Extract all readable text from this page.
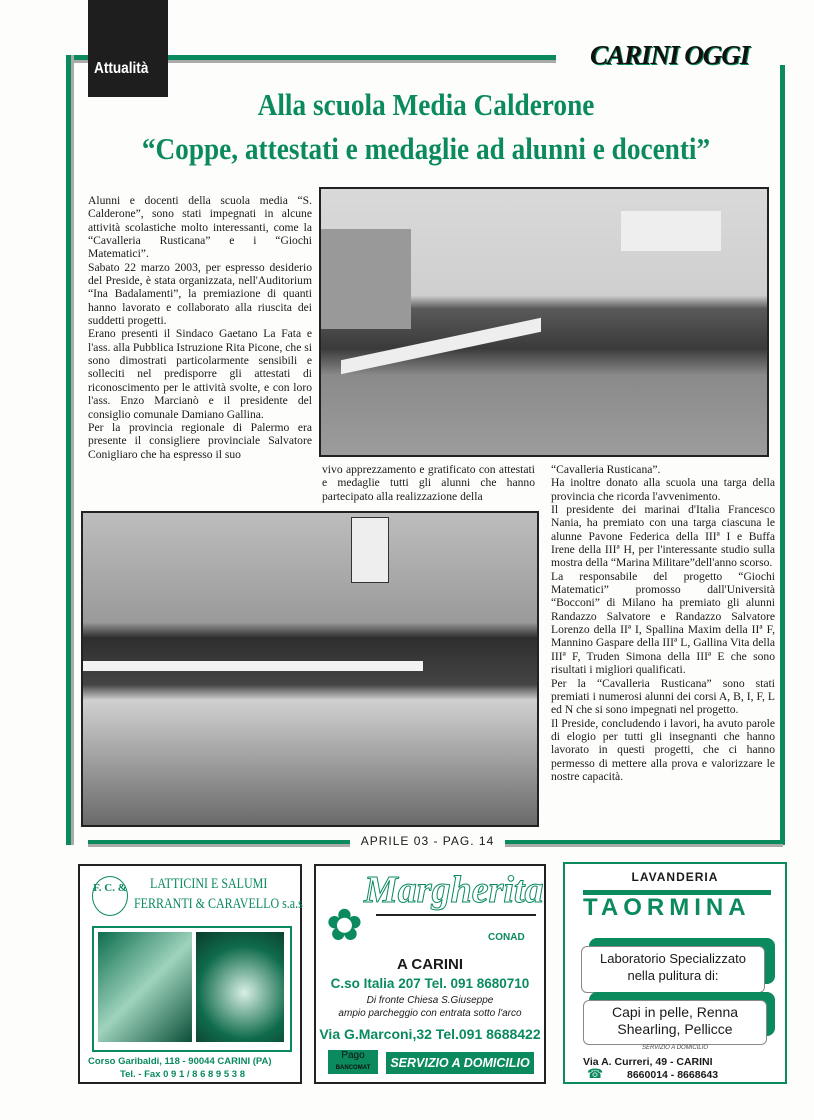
Attualità	CARINI OGGI
Alla scuola Media Calderone
“Coppe, attestati e medaglie ad alunni e docenti”

Alunni e docenti della scuola media “S. Calderone”, sono stati impegnati in alcune attività scolastiche molto interessanti, come la “Cavalleria Rusticana” e i “Giochi Matematici”.

Sabato 22 marzo 2003, per espresso desiderio del Preside, è stata organizzata, nell'Auditorium “Ina Badalamenti”, la premiazione di quanti hanno lavorato e collaborato alla riuscita dei suddetti progetti.

Erano presenti il Sindaco Gaetano La Fata e l'ass. alla Pubblica Istruzione Rita Picone, che si sono dimostrati particolarmente sensibili e solleciti nel predisporre gli attestati di riconoscimento per le attività svolte, e con loro l'ass. Enzo Marcianò e il presidente del consiglio comunale Damiano Gallina.

Per la provincia regionale di Palermo era presente il consigliere provinciale Salvatore Conigliaro che ha espresso il suo

vivo apprezzamento e gratificato con attestati e medaglie tutti gli alunni che hanno partecipato alla realizzazione della

“Cavalleria Rusticana”.

Ha inoltre donato alla scuola una targa della provincia che ricorda l'avvenimento.

Il presidente dei marinai d'Italia Francesco Nania, ha premiato con una targa ciascuna le alunne Pavone Federica della IIIª I e Buffa Irene della IIIª H, per l'interessante studio sulla mostra della “Marina Militare”dell'anno scorso.

La responsabile del progetto “Giochi Matematici” promosso dall'Università “Bocconi” di Milano ha premiato gli alunni Randazzo Salvatore e Randazzo Salvatore Lorenzo della IIª I, Spallina Maxim della IIª F, Mannino Gaspare della IIIª L, Gallina Vita della IIIª F, Truden Simona della IIIª E che sono risultati i migliori qualificati.

Per la “Cavalleria Rusticana” sono stati premiati i numerosi alunni dei corsi A, B, I, F, L ed N che si sono impegnati nel progetto.

Il Preside, concludendo i lavori, ha avuto parole di elogio per tutti gli insegnanti che hanno lavorato in questi progetti, che ci hanno permesso di mettere alla prova e valorizzare le nostre capacità.

APRILE 03 - PAG. 14
F. C. & LATTICINI E SALUMI
FERRANTI & CARAVELLO s.a.s
Corso Garibaldi, 118 - 90044 CARINI (PA)
Tel. - Fax 0 9 1 / 8 6 8 9 5 3 8
✿
Margherita
CONAD
A CARINI
C.so Italia 207 Tel. 091 8680710
Di fronte Chiesa S.Giuseppe
ampio parcheggio con entrata sotto l'arco
Via G.Marconi,32 Tel.091 8688422
Pago
BANCOMAT	SERVIZIO A DOMICILIO
LAVANDERIA
TAORMINA
Laboratorio Specializzato
nella pulitura di:
Capi in pelle, Renna
Shearling, Pellicce
SERVIZIO A DOMICILIO
Via A. Curreri, 49 - CARINI
☎ 8660014 - 8668643
